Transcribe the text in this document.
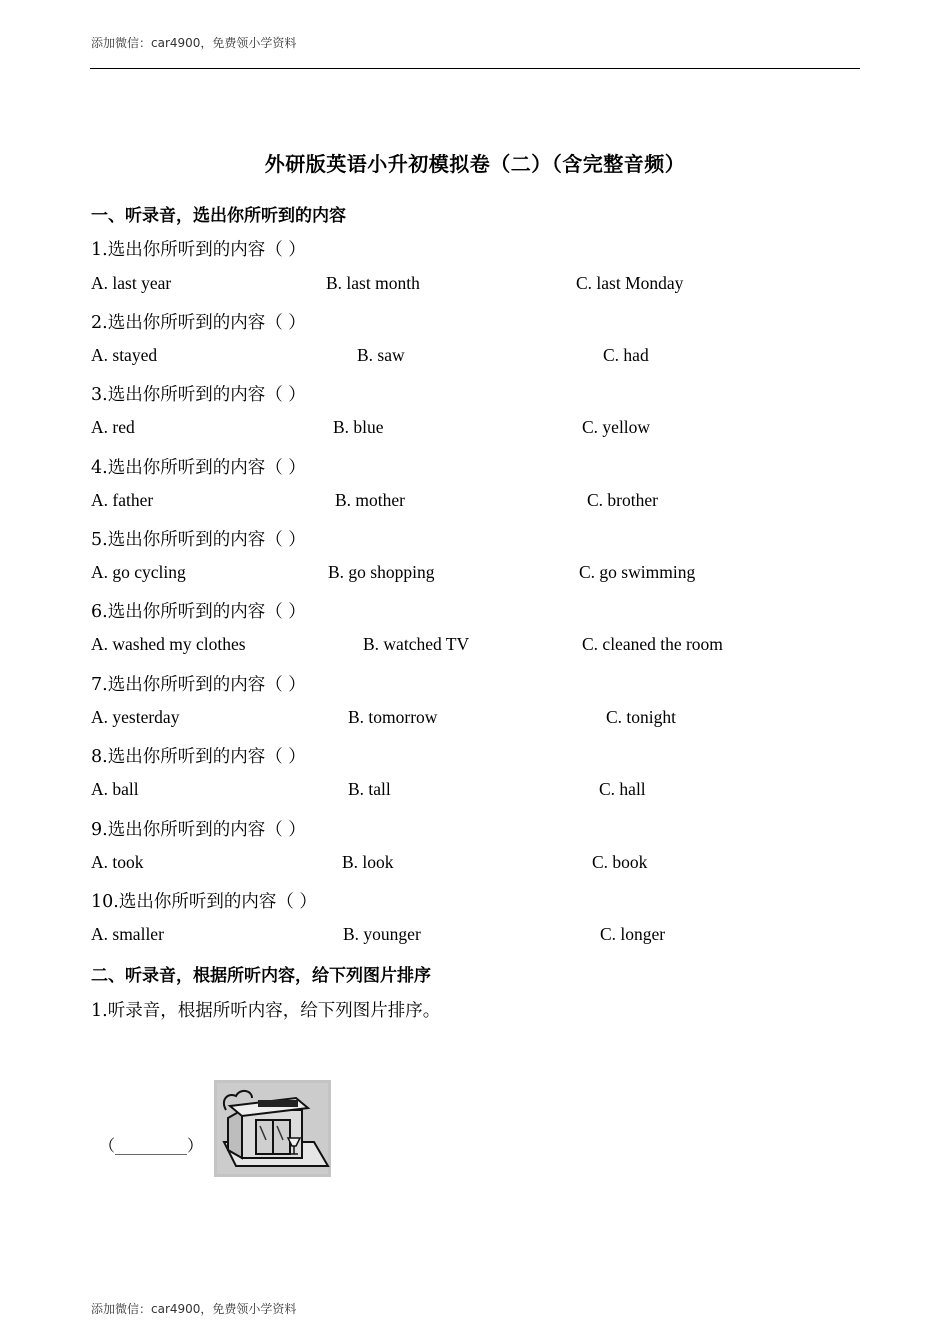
添加微信：car4900，免费领小学资料
外研版英语小升初模拟卷（二）（含完整音频）
一、听录音，选出你所听到的内容
1.选出你所听到的内容（ ）
A. last year	B. last month	C. last Monday
2.选出你所听到的内容（ ）
A. stayed	B. saw	C. had
3.选出你所听到的内容（ ）
A. red	B. blue	C. yellow
4.选出你所听到的内容（ ）
A. father	B. mother	C. brother
5.选出你所听到的内容（ ）
A. go cycling	B. go shopping	C. go swimming
6.选出你所听到的内容（ ）
A. washed my clothes	B. watched TV	C. cleaned the room
7.选出你所听到的内容（ ）
A. yesterday	B. tomorrow	C. tonight
8.选出你所听到的内容（ ）
A. ball	B. tall	C. hall
9.选出你所听到的内容（ ）
A. took	B. look	C. book
10.选出你所听到的内容（ ）
A. smaller	B. younger	C. longer
二、听录音，根据所听内容，给下列图片排序
1.听录音，根据所听内容，给下列图片排序。
（_________）
添加微信：car4900，免费领小学资料
